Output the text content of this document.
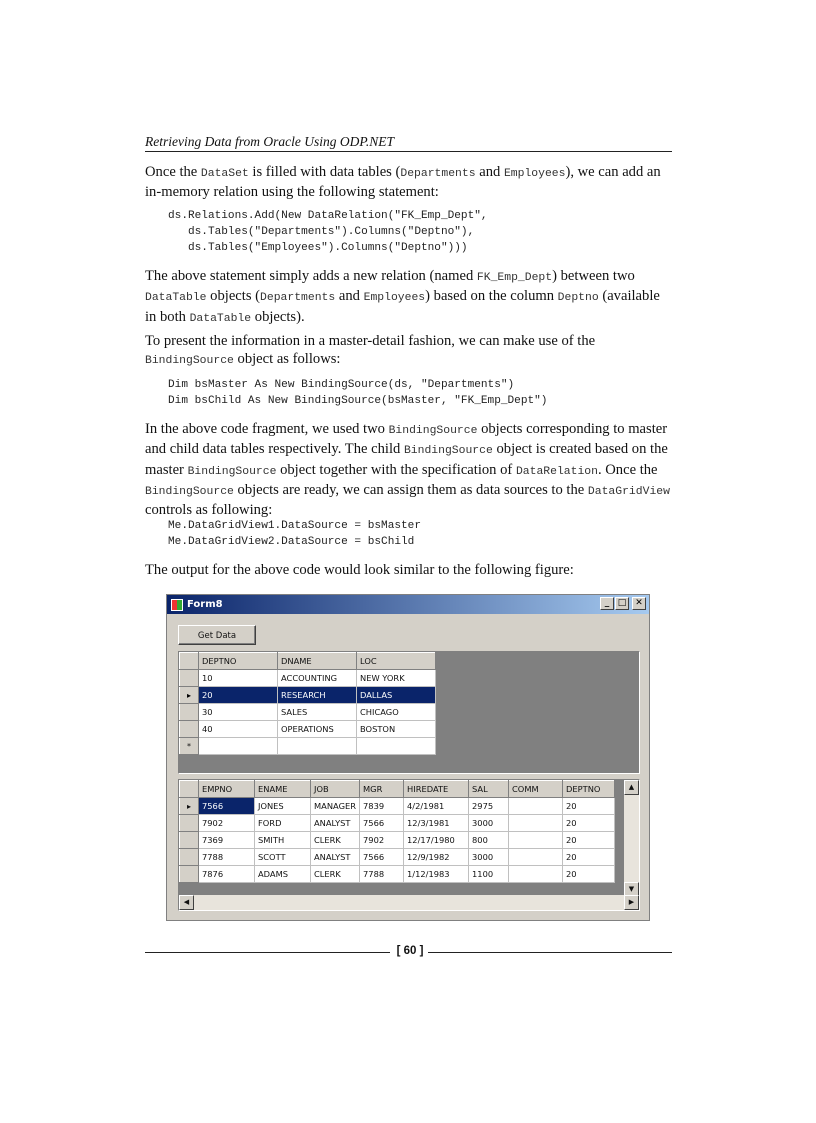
Retrieving Data from Oracle Using ODP.NET

Once the DataSet is filled with data tables (Departments and Employees), we can add an in-memory relation using the following statement:

ds.Relations.Add(New DataRelation("FK_Emp_Dept",
ds.Tables("Departments").Columns("Deptno"),
ds.Tables("Employees").Columns("Deptno")))

The above statement simply adds a new relation (named FK_Emp_Dept) between two DataTable objects (Departments and Employees) based on the column Deptno (available in both DataTable objects).

To present the information in a master-detail fashion, we can make use of the BindingSource object as follows:

Dim bsMaster As New BindingSource(ds, "Departments")
Dim bsChild As New BindingSource(bsMaster, "FK_Emp_Dept")

In the above code fragment, we used two BindingSource objects corresponding to master and child data tables respectively. The child BindingSource object is created based on the master BindingSource object together with the specification of DataRelation. Once the BindingSource objects are ready, we can assign them as data sources to the DataGridView controls as following:

Me.DataGridView1.DataSource = bsMaster
Me.DataGridView2.DataSource = bsChild

The output for the above code would look similar to the following figure:

Form8	_ □ ✕
Get Data
	DEPTNO	DNAME	LOC
	10	ACCOUNTING	NEW YORK
▸	20	RESEARCH	DALLAS
	30	SALES	CHICAGO
	40	OPERATIONS	BOSTON
*			
	EMPNO	ENAME	JOB	MGR	HIREDATE	SAL	COMM	DEPTNO
▸	7566	JONES	MANAGER	7839	4/2/1981	2975		20
	7902	FORD	ANALYST	7566	12/3/1981	3000		20
	7369	SMITH	CLERK	7902	12/17/1980	800		20
	7788	SCOTT	ANALYST	7566	12/9/1982	3000		20
	7876	ADAMS	CLERK	7788	1/12/1983	1100		20
▲
▼
◀	▶
[ 60 ]
